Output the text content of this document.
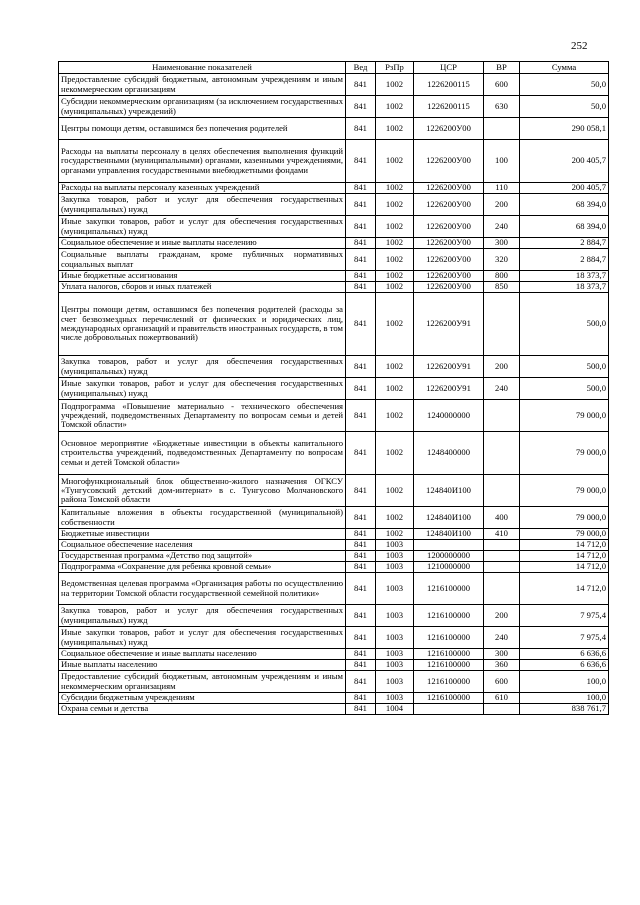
252
Наименование показателей	Вед	РзПр	ЦСР	ВР	Сумма
Предоставление субсидий бюджетным, автономным учреждениям и иным некоммерческим организациям	841	1002	1226200115	600	50,0
Субсидии некоммерческим организациям (за исключением государственных (муниципальных) учреждений)	841	1002	1226200115	630	50,0
Центры помощи детям, оставшимся без попечения родителей	841	1002	1226200У00		290 058,1
Расходы на выплаты персоналу в целях обеспечения выполнения функций государственными (муниципальными) органами, казенными учреждениями, органами управления государственными внебюджетными фондами	841	1002	1226200У00	100	200 405,7
Расходы на выплаты персоналу казенных учреждений	841	1002	1226200У00	110	200 405,7
Закупка товаров, работ и услуг для обеспечения государственных (муниципальных) нужд	841	1002	1226200У00	200	68 394,0
Иные закупки товаров, работ и услуг для обеспечения государственных (муниципальных) нужд	841	1002	1226200У00	240	68 394,0
Социальное обеспечение и иные выплаты населению	841	1002	1226200У00	300	2 884,7
Социальные выплаты гражданам, кроме публичных нормативных социальных выплат	841	1002	1226200У00	320	2 884,7
Иные бюджетные ассигнования	841	1002	1226200У00	800	18 373,7
Уплата налогов, сборов и иных платежей	841	1002	1226200У00	850	18 373,7
Центры помощи детям, оставшимся без попечения родителей (расходы за счет безвозмездных перечислений от физических и юридических лиц, международных организаций и правительств иностранных государств, в том числе добровольных пожертвований)	841	1002	1226200У91		500,0
Закупка товаров, работ и услуг для обеспечения государственных (муниципальных) нужд	841	1002	1226200У91	200	500,0
Иные закупки товаров, работ и услуг для обеспечения государственных (муниципальных) нужд	841	1002	1226200У91	240	500,0
Подпрограмма «Повышение материально - технического обеспечения учреждений, подведомственных Департаменту по вопросам семьи и детей Томской области»	841	1002	1240000000		79 000,0
Основное мероприятие «Бюджетные инвестиции в объекты капитального строительства учреждений, подведомственных Департаменту по вопросам семьи и детей Томской области»	841	1002	1248400000		79 000,0
Многофункциональный блок общественно-жилого назначения ОГКСУ «Тунгусовский детский дом-интернат» в с. Тунгусово Молчановского района Томской области	841	1002	124840И100		79 000,0
Капитальные вложения в объекты государственной (муниципальной) собственности	841	1002	124840И100	400	79 000,0
Бюджетные инвестиции	841	1002	124840И100	410	79 000,0
Социальное обеспечение населения	841	1003			14 712,0
Государственная программа «Детство под защитой»	841	1003	1200000000		14 712,0
Подпрограмма «Сохранение для ребенка кровной семьи»	841	1003	1210000000		14 712,0
Ведомственная целевая программа «Организация работы по осуществлению на территории Томской области государственной семейной политики»	841	1003	1216100000		14 712,0
Закупка товаров, работ и услуг для обеспечения государственных (муниципальных) нужд	841	1003	1216100000	200	7 975,4
Иные закупки товаров, работ и услуг для обеспечения государственных (муниципальных) нужд	841	1003	1216100000	240	7 975,4
Социальное обеспечение и иные выплаты населению	841	1003	1216100000	300	6 636,6
Иные выплаты населению	841	1003	1216100000	360	6 636,6
Предоставление субсидий бюджетным, автономным учреждениям и иным некоммерческим организациям	841	1003	1216100000	600	100,0
Субсидии бюджетным учреждениям	841	1003	1216100000	610	100,0
Охрана семьи и детства	841	1004			838 761,7
